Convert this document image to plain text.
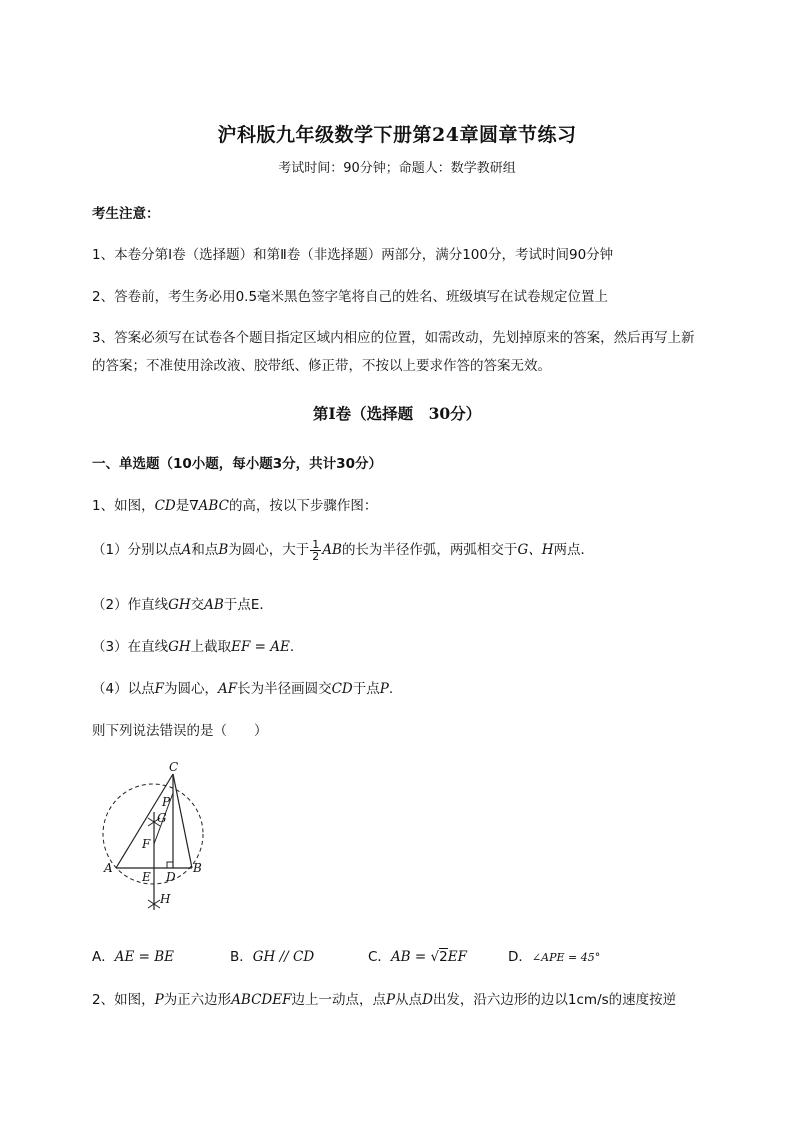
沪科版九年级数学下册第24章圆章节练习
考试时间：90分钟；命题人：数学教研组
考生注意：
1、本卷分第I卷（选择题）和第Ⅱ卷（非选择题）两部分，满分100分，考试时间90分钟
2、答卷前，考生务必用0.5毫米黑色签字笔将自己的姓名、班级填写在试卷规定位置上
3、答案必须写在试卷各个题目指定区域内相应的位置，如需改动，先划掉原来的答案，然后再写上新
的答案；不准使用涂改液、胶带纸、修正带，不按以上要求作答的答案无效。
第I卷（选择题　30分）
一、单选题（10小题，每小题3分，共计30分）
1、如图，CD是∇ABC的高，按以下步骤作图：
（1）分别以点A和点B为圆心，大于 $\frac{1}{2}$ AB的长为半径作弧，两弧相交于G、H两点．
（2）作直线GH交AB于点E．
（3）在直线GH上截取EF = AE．
（4）以点F为圆心，AF长为半径画圆交CD于点P.
则下列说法错误的是（　　）
C
P
G
F
A
E D
B
H
A．AE = BE	B．GH // CD	C．AB = √2EF	D．∠APE = 45°
2、如图，P为正六边形ABCDEF边上一动点，点P从点D出发，沿六边形的边以1cm/s的速度按逆
